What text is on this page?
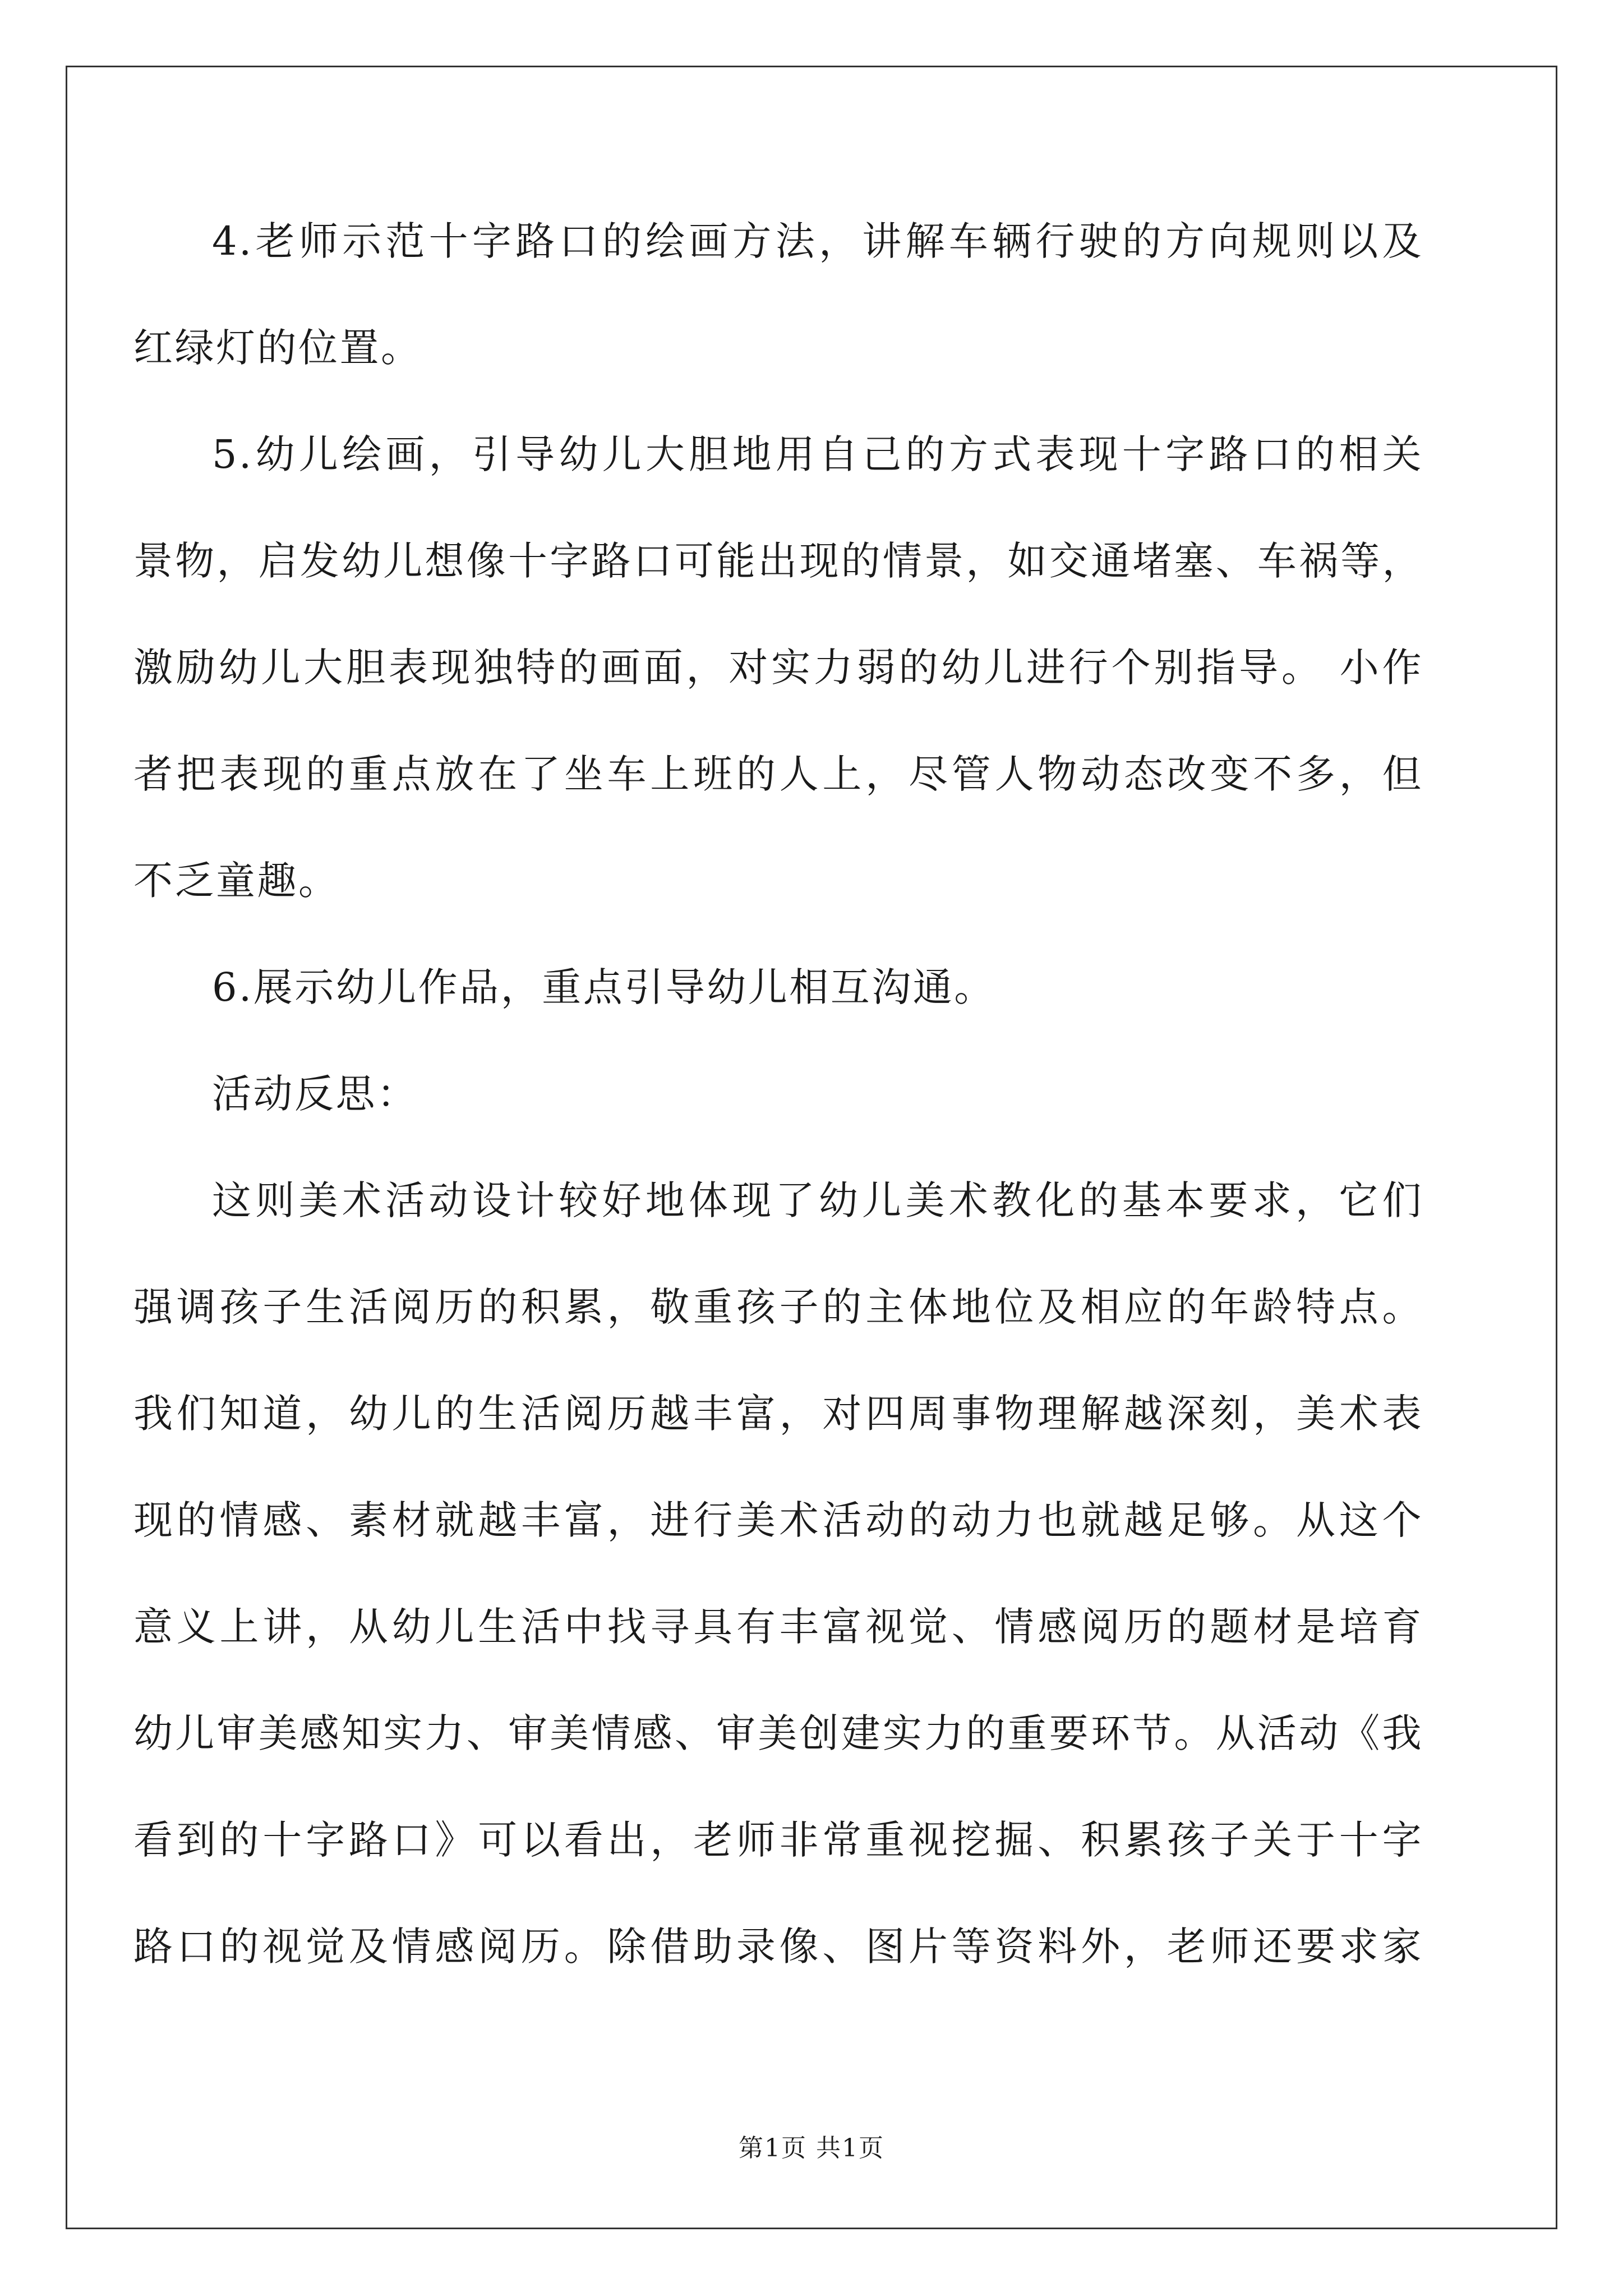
4.老师示范十字路口的绘画方法，讲解车辆行驶的方向规则以及
红绿灯的位置。
5.幼儿绘画，引导幼儿大胆地用自己的方式表现十字路口的相关
景物，启发幼儿想像十字路口可能出现的情景，如交通堵塞、车祸等，
激励幼儿大胆表现独特的画面，对实力弱的幼儿进行个别指导。 小作
者把表现的重点放在了坐车上班的人上，尽管人物动态改变不多，但
不乏童趣。
6.展示幼儿作品，重点引导幼儿相互沟通。
活动反思：
这则美术活动设计较好地体现了幼儿美术教化的基本要求，它们
强调孩子生活阅历的积累，敬重孩子的主体地位及相应的年龄特点。
我们知道，幼儿的生活阅历越丰富，对四周事物理解越深刻，美术表
现的情感、素材就越丰富，进行美术活动的动力也就越足够。从这个
意义上讲，从幼儿生活中找寻具有丰富视觉、情感阅历的题材是培育
幼儿审美感知实力、审美情感、审美创建实力的重要环节。从活动《我
看到的十字路口》可以看出，老师非常重视挖掘、积累孩子关于十字
路口的视觉及情感阅历。除借助录像、图片等资料外，老师还要求家
第1页 共1页
